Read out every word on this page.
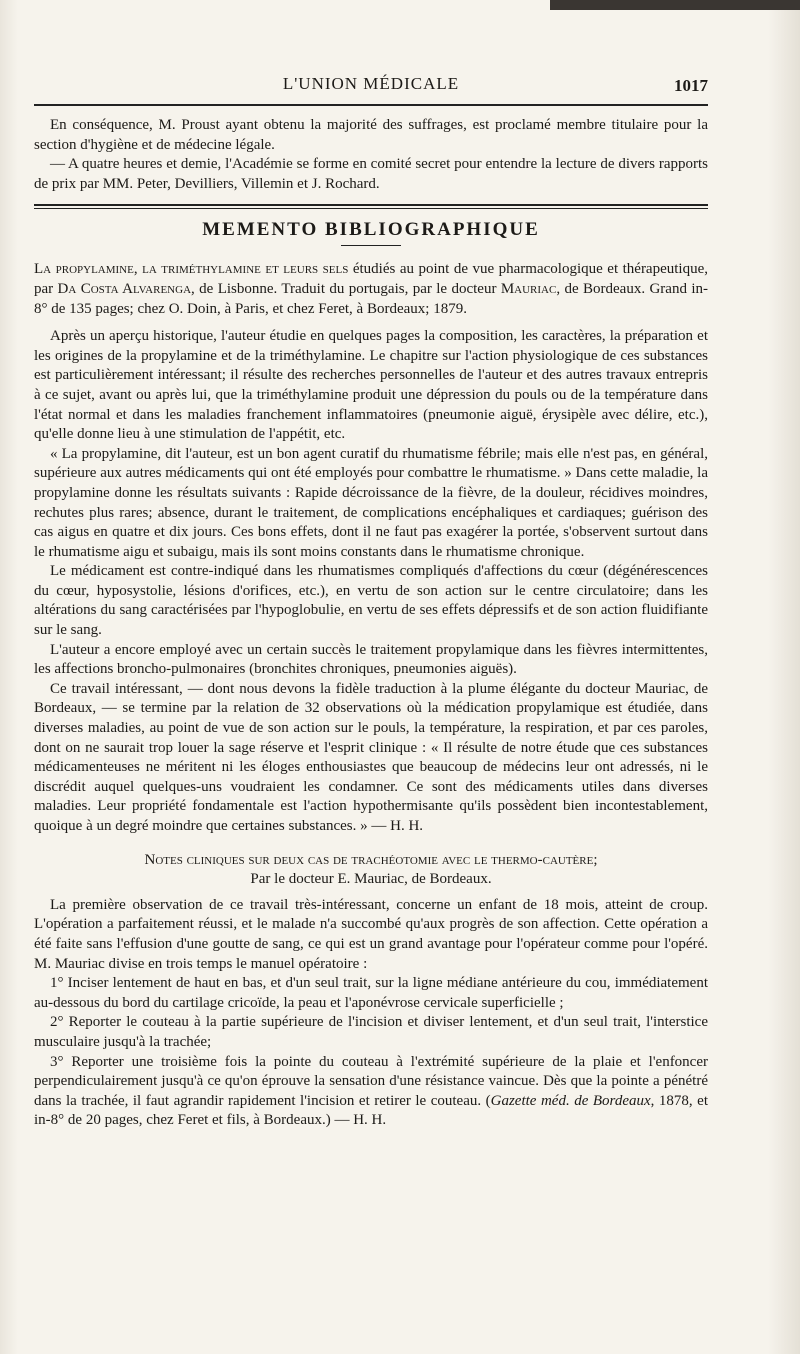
L'UNION MÉDICALE	1017

En conséquence, M. Proust ayant obtenu la majorité des suffrages, est proclamé membre titulaire pour la section d'hygiène et de médecine légale.

— A quatre heures et demie, l'Académie se forme en comité secret pour entendre la lecture de divers rapports de prix par MM. Peter, Devilliers, Villemin et J. Rochard.

MEMENTO BIBLIOGRAPHIQUE

La propylamine, la triméthylamine et leurs sels étudiés au point de vue pharmacologique et thérapeutique, par Da Costa Alvarenga, de Lisbonne. Traduit du portugais, par le docteur Mauriac, de Bordeaux. Grand in-8° de 135 pages; chez O. Doin, à Paris, et chez Feret, à Bordeaux; 1879.

Après un aperçu historique, l'auteur étudie en quelques pages la composition, les caractères, la préparation et les origines de la propylamine et de la triméthylamine. Le chapitre sur l'action physiologique de ces substances est particulièrement intéressant; il résulte des recherches personnelles de l'auteur et des autres travaux entrepris à ce sujet, avant ou après lui, que la triméthylamine produit une dépression du pouls ou de la température dans l'état normal et dans les maladies franchement inflammatoires (pneumonie aiguë, érysipèle avec délire, etc.), qu'elle donne lieu à une stimulation de l'appétit, etc.

« La propylamine, dit l'auteur, est un bon agent curatif du rhumatisme fébrile; mais elle n'est pas, en général, supérieure aux autres médicaments qui ont été employés pour combattre le rhumatisme. » Dans cette maladie, la propylamine donne les résultats suivants : Rapide décroissance de la fièvre, de la douleur, récidives moindres, rechutes plus rares; absence, durant le traitement, de complications encéphaliques et cardiaques; guérison des cas aigus en quatre et dix jours. Ces bons effets, dont il ne faut pas exagérer la portée, s'observent surtout dans le rhumatisme aigu et subaigu, mais ils sont moins constants dans le rhumatisme chronique.

Le médicament est contre-indiqué dans les rhumatismes compliqués d'affections du cœur (dégénérescences du cœur, hyposystolie, lésions d'orifices, etc.), en vertu de son action sur le centre circulatoire; dans les altérations du sang caractérisées par l'hypoglobulie, en vertu de ses effets dépressifs et de son action fluidifiante sur le sang.

L'auteur a encore employé avec un certain succès le traitement propylamique dans les fièvres intermittentes, les affections broncho-pulmonaires (bronchites chroniques, pneumonies aiguës).

Ce travail intéressant, — dont nous devons la fidèle traduction à la plume élégante du docteur Mauriac, de Bordeaux, — se termine par la relation de 32 observations où la médication propylamique est étudiée, dans diverses maladies, au point de vue de son action sur le pouls, la température, la respiration, et par ces paroles, dont on ne saurait trop louer la sage réserve et l'esprit clinique : « Il résulte de notre étude que ces substances médicamenteuses ne méritent ni les éloges enthousiastes que beaucoup de médecins leur ont adressés, ni le discrédit auquel quelques-uns voudraient les condamner. Ce sont des médicaments utiles dans diverses maladies. Leur propriété fondamentale est l'action hypothermisante qu'ils possèdent bien incontestablement, quoique à un degré moindre que certaines substances. » — H. H.

Notes cliniques sur deux cas de trachéotomie avec le thermo-cautère;

Par le docteur E. Mauriac, de Bordeaux.

La première observation de ce travail très-intéressant, concerne un enfant de 18 mois, atteint de croup. L'opération a parfaitement réussi, et le malade n'a succombé qu'aux progrès de son affection. Cette opération a été faite sans l'effusion d'une goutte de sang, ce qui est un grand avantage pour l'opérateur comme pour l'opéré. M. Mauriac divise en trois temps le manuel opératoire :

1° Inciser lentement de haut en bas, et d'un seul trait, sur la ligne médiane antérieure du cou, immédiatement au-dessous du bord du cartilage cricoïde, la peau et l'aponévrose cervicale superficielle ;

2° Reporter le couteau à la partie supérieure de l'incision et diviser lentement, et d'un seul trait, l'interstice musculaire jusqu'à la trachée;

3° Reporter une troisième fois la pointe du couteau à l'extrémité supérieure de la plaie et l'enfoncer perpendiculairement jusqu'à ce qu'on éprouve la sensation d'une résistance vaincue. Dès que la pointe a pénétré dans la trachée, il faut agrandir rapidement l'incision et retirer le couteau. (Gazette méd. de Bordeaux, 1878, et in-8° de 20 pages, chez Feret et fils, à Bordeaux.) — H. H.
